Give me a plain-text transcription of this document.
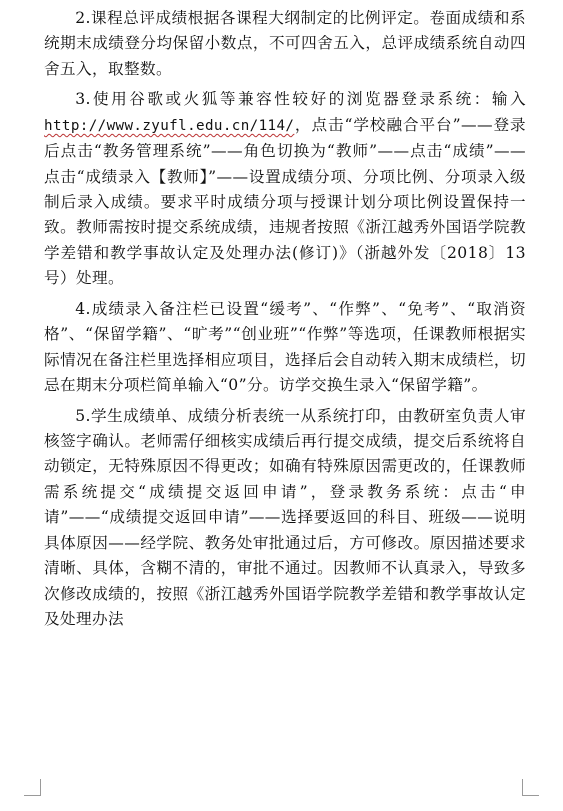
2.课程总评成绩根据各课程大纲制定的比例评定。卷面成绩和系统期末成绩登分均保留小数点，不可四舍五入，总评成绩系统自动四舍五入，取整数。

3.使用谷歌或火狐等兼容性较好的浏览器登录系统：输入http://www.zyufl.edu.cn/114/，点击“学校融合平台”——登录后点击“教务管理系统”——角色切换为“教师”——点击“成绩”——点击“成绩录入【教师】”——设置成绩分项、分项比例、分项录入级制后录入成绩。要求平时成绩分项与授课计划分项比例设置保持一致。教师需按时提交系统成绩，违规者按照《浙江越秀外国语学院教学差错和教学事故认定及处理办法(修订)》（浙越外发〔2018〕13 号）处理。

4.成绩录入备注栏已设置“缓考”、“作弊”、“免考”、“取消资格”、“保留学籍”、“旷考”“创业班”“作弊”等选项，任课教师根据实际情况在备注栏里选择相应项目，选择后会自动转入期末成绩栏，切忌在期末分项栏简单输入“0”分。访学交换生录入“保留学籍”。

5.学生成绩单、成绩分析表统一从系统打印，由教研室负责人审核签字确认。老师需仔细核实成绩后再行提交成绩，提交后系统将自动锁定，无特殊原因不得更改；如确有特殊原因需更改的，任课教师需系统提交“成绩提交返回申请”，登录教务系统：点击“申请”——“成绩提交返回申请”——选择要返回的科目、班级——说明具体原因——经学院、教务处审批通过后，方可修改。原因描述要求清晰、具体，含糊不清的，审批不通过。因教师不认真录入，导致多次修改成绩的，按照《浙江越秀外国语学院教学差错和教学事故认定及处理办法
